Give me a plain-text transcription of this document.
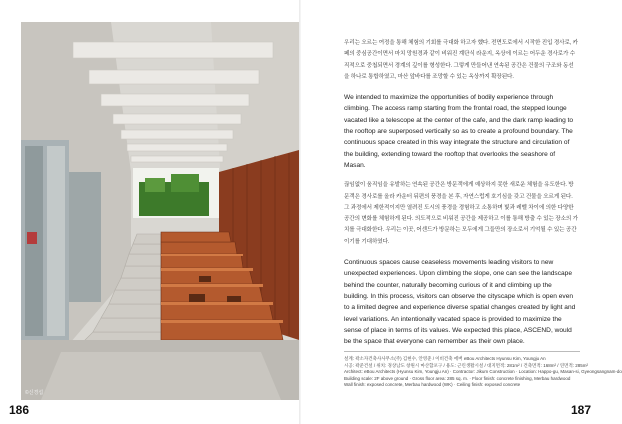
©신경섭
186

우리는 오르는 여정을 통해 체험의 기회를 극대화 하고자 했다. 전면도로에서 시작한 진입 경사로, 카페의 중심공간이면서 마치 망원경과 같이 비워진 계단식 라운지, 옥상에 이르는 어두운 경사로가 수직적으로 중첩되면서 경계의 깊이를 형성한다. 그렇게 만들어낸 연속된 공간은 건물의 구조와 동선을 하나로 통합하였고, 마산 앞바다를 조망할 수 있는 옥상까지 확장된다.

We intended to maximize the opportunities of bodily experience through climbing. The access ramp starting from the frontal road, the stepped lounge vacated like a telescope at the center of the cafe, and the dark ramp leading to the rooftop are superposed vertically so as to create a profound boundary. The continuous space created in this way integrate the structure and circulation of the building, extending toward the rooftop that overlooks the seashore of Masan.

끊임없이 움직임을 유발하는 연속된 공간은 방문객에게 예상하지 못한 새로운 체험을 유도한다. 방문객은 경사로를 올라 카운터 뒤편의 풍경을 본 후, 자연스럽게 호기심을 갖고 건물을 오르게 된다. 그 과정에서 제한적이지만 열려진 도시의 풍경을 경험하고 소통하며 빛과 레벨 차이에 의한 다양한 공간의 변화를 체험하게 된다. 의도적으로 비워진 공간을 제공하고 이를 통해 방출 수 있는 장소의 가치를 극대화한다. 우리는 이곳, 어센드가 방문하는 모두에게 그들만의 장소로서 기억될 수 있는 공간이기를 기대하였다.

Continuous spaces cause ceaseless movements leading visitors to new unexpected experiences. Upon climbing the slope, one can see the landscape behind the counter, naturally becoming curious of it and climbing up the building. In this process, visitors can observe the cityscape which is open even to a limited degree and experience diverse spatial changes created by light and level variations. An intentionally vacated space is provided to maximize the sense of place in terms of its values. We expected this place, ASCEND, would be the space that everyone can remember as their own place.

설계: 곽소자건축사사무소(주) 김현수, 안영준 / 이비건축 에버 eBou Architects Hyunsu Kim, Youngju An
시공: 곽준건설 / 위치: 경상남도 창원시 마산합포구 / 용도: 근린생활시설 / 대지면적: 281m² / 건축면적: 168m² / 연면적: 285m²
Architect: eBou Architects (Hyunsu Kim, Youngju An) · Contractor: Jikum Construction · Location: Happo-gu, Masan-si, Gyeongsangnam-do
Building scale: 2F above ground · Gross floor area: 285 sq. m. · Floor finish: concrete finishing, Merbau hardwood
Wall finish: exposed concrete, Merbau hardwood (WK) · Ceiling finish: exposed concrete
187
